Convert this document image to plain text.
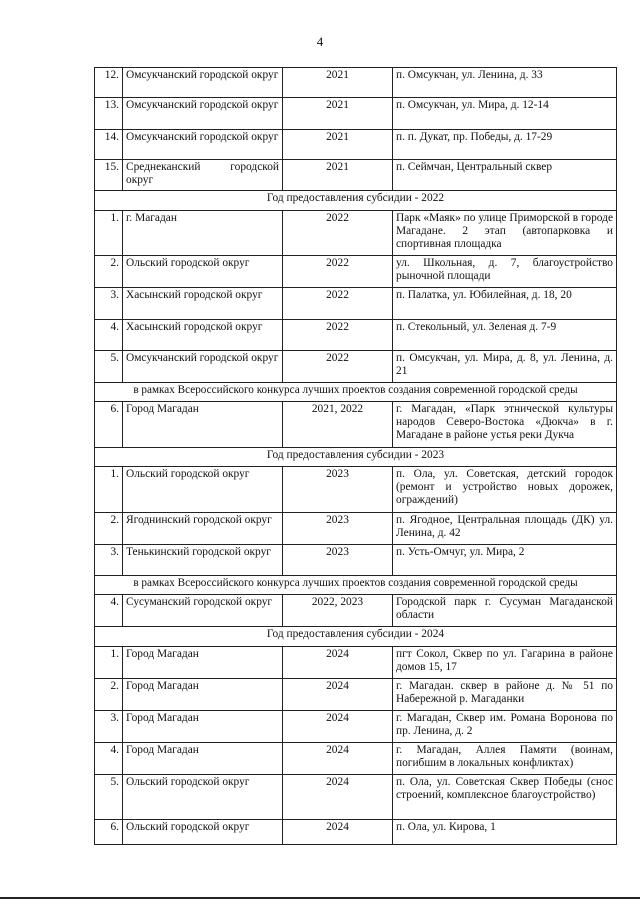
4
12.	Омсукчанский городской округ	2021	п. Омсукчан, ул. Ленина, д. 33
13.	Омсукчанский городской округ	2021	п. Омсукчан, ул. Мира, д. 12-14
14.	Омсукчанский городской округ	2021	п. п. Дукат, пр. Победы, д. 17-29
15.	Среднеканский городской округ	2021	п. Сеймчан, Центральный сквер
Год предоставления субсидии - 2022			
1.	г. Магадан	2022	Парк «Маяк» по улице Приморской в городе Магадане. 2 этап (автопарковка и спортивная площадка
2.	Ольский городской округ	2022	ул. Школьная, д. 7, благоустройство рыночной площади
3.	Хасынский городской округ	2022	п. Палатка, ул. Юбилейная, д. 18, 20
4.	Хасынский городской округ	2022	п. Стекольный, ул. Зеленая д. 7-9
5.	Омсукчанский городской округ	2022	п. Омсукчан, ул. Мира, д. 8, ул. Ленина, д. 21
в рамках Всероссийского конкурса лучших проектов создания современной городской среды			
6.	Город Магадан	2021, 2022	г. Магадан, «Парк этнической культуры народов Северо-Востока «Дюкча» в г. Магадане в районе устья реки Дукча
Год предоставления субсидии - 2023			
1.	Ольский городской округ	2023	п. Ола, ул. Советская, детский городок (ремонт и устройство новых дорожек, ограждений)
2.	Ягоднинский городской округ	2023	п. Ягодное, Центральная площадь (ДК) ул. Ленина, д. 42
3.	Тенькинский городской округ	2023	п. Усть-Омчуг, ул. Мира, 2
в рамках Всероссийского конкурса лучших проектов создания современной городской среды			
4.	Сусуманский городской округ	2022, 2023	Городской парк г. Сусуман Магаданской области
Год предоставления субсидии - 2024			
1.	Город Магадан	2024	пгт Сокол, Сквер по ул. Гагарина в районе домов 15, 17
2.	Город Магадан	2024	г. Магадан. сквер в районе д. № 51 по Набережной р. Магаданки
3.	Город Магадан	2024	г. Магадан, Сквер им. Романа Воронова по пр. Ленина, д. 2
4.	Город Магадан	2024	г. Магадан, Аллея Памяти (воинам, погибшим в локальных конфликтах)
5.	Ольский городской округ	2024	п. Ола, ул. Советская Сквер Победы (снос строений, комплексное благоустройство)
6.	Ольский городской округ	2024	п. Ола, ул. Кирова, 1
